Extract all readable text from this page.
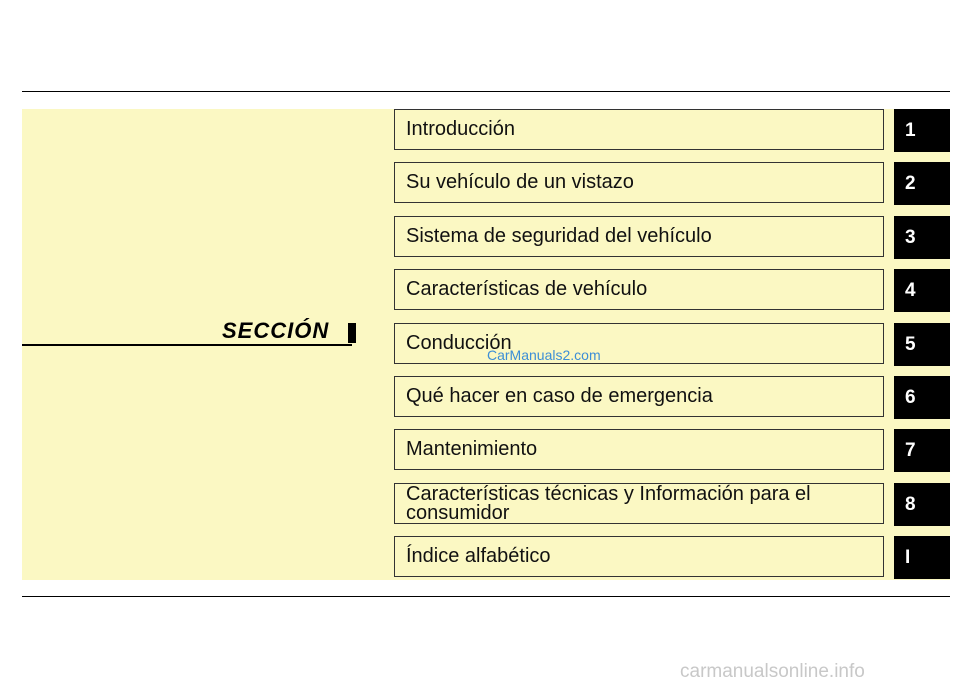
SECCIÓN
Introducción	1
Su vehículo de un vistazo	2
Sistema de seguridad del vehículo	3
Características de vehículo	4
Conducción	5
Qué hacer en caso de emergencia	6
Mantenimiento	7
Características técnicas y Información para el consumidor	8
Índice alfabético	I
CarManuals2.com
carmanualsonline.info
